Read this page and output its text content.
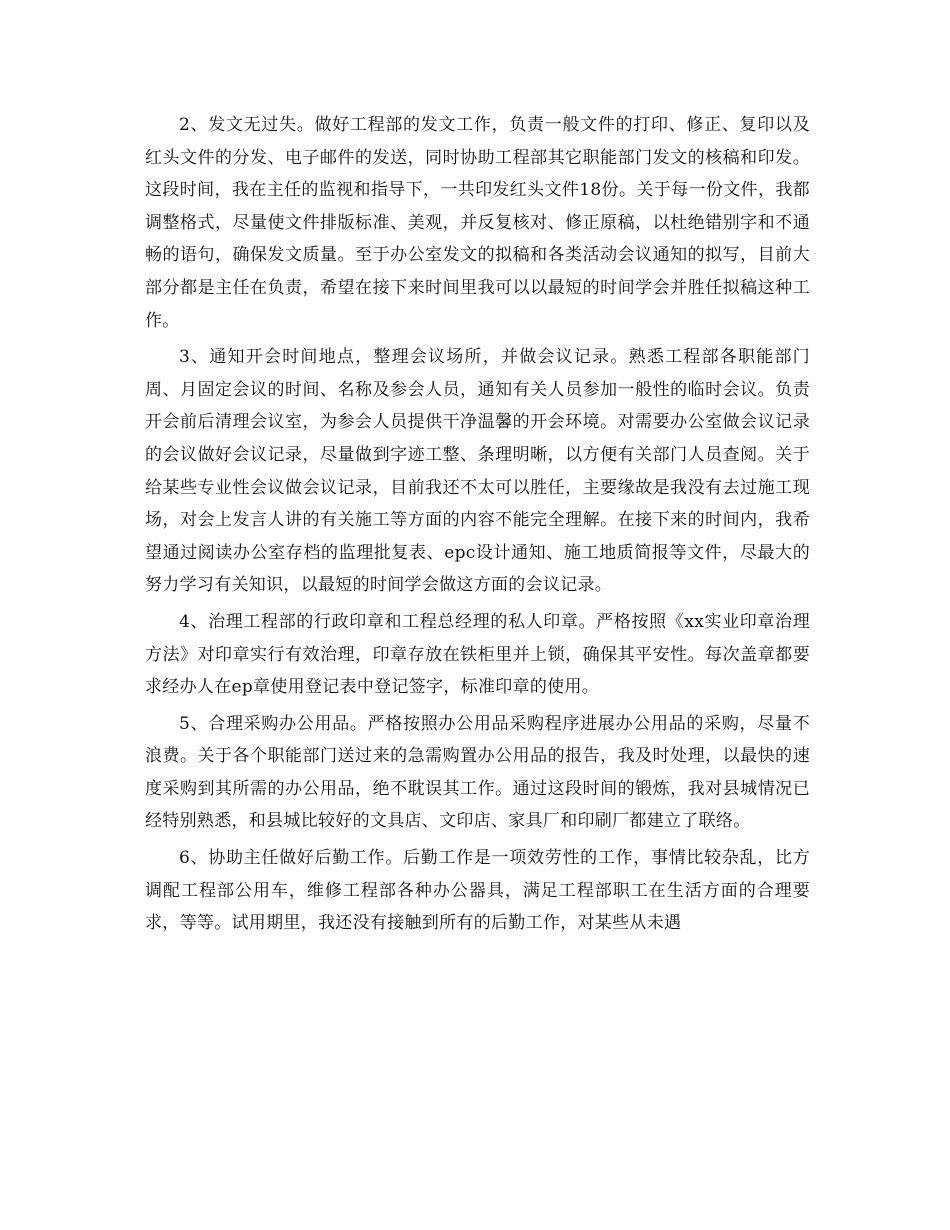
2、发文无过失。做好工程部的发文工作，负责一般文件的打印、修正、复印以及红头文件的分发、电子邮件的发送，同时协助工程部其它职能部门发文的核稿和印发。这段时间，我在主任的监视和指导下，一共印发红头文件18份。关于每一份文件，我都调整格式，尽量使文件排版标准、美观，并反复核对、修正原稿，以杜绝错别字和不通畅的语句，确保发文质量。至于办公室发文的拟稿和各类活动会议通知的拟写，目前大部分都是主任在负责，希望在接下来时间里我可以以最短的时间学会并胜任拟稿这种工作。

3、通知开会时间地点，整理会议场所，并做会议记录。熟悉工程部各职能部门周、月固定会议的时间、名称及参会人员，通知有关人员参加一般性的临时会议。负责开会前后清理会议室，为参会人员提供干净温馨的开会环境。对需要办公室做会议记录的会议做好会议记录，尽量做到字迹工整、条理明晰，以方便有关部门人员查阅。关于给某些专业性会议做会议记录，目前我还不太可以胜任，主要缘故是我没有去过施工现场，对会上发言人讲的有关施工等方面的内容不能完全理解。在接下来的时间内，我希望通过阅读办公室存档的监理批复表、epc设计通知、施工地质简报等文件，尽最大的努力学习有关知识，以最短的时间学会做这方面的会议记录。

4、治理工程部的行政印章和工程总经理的私人印章。严格按照《xx实业印章治理方法》对印章实行有效治理，印章存放在铁柜里并上锁，确保其平安性。每次盖章都要求经办人在ep章使用登记表中登记签字，标准印章的使用。

5、合理采购办公用品。严格按照办公用品采购程序进展办公用品的采购，尽量不浪费。关于各个职能部门送过来的急需购置办公用品的报告，我及时处理，以最快的速度采购到其所需的办公用品，绝不耽误其工作。通过这段时间的锻炼，我对县城情况已经特别熟悉，和县城比较好的文具店、文印店、家具厂和印刷厂都建立了联络。

6、协助主任做好后勤工作。后勤工作是一项效劳性的工作，事情比较杂乱，比方调配工程部公用车，维修工程部各种办公器具，满足工程部职工在生活方面的合理要求，等等。试用期里，我还没有接触到所有的后勤工作，对某些从未遇
